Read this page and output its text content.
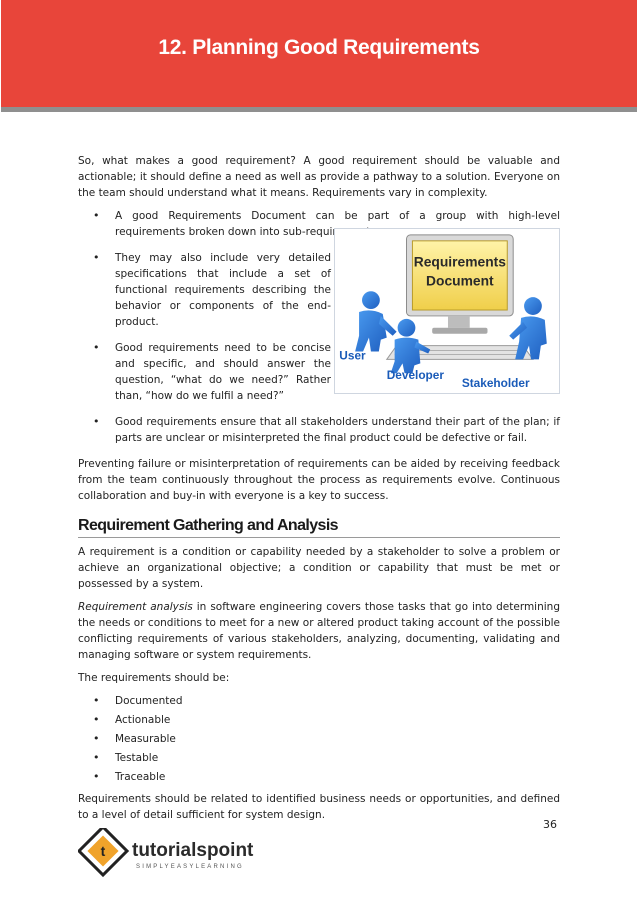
12. Planning Good Requirements

So, what makes a good requirement? A good requirement should be valuable and actionable; it should define a need as well as provide a pathway to a solution. Everyone on the team should understand what it means. Requirements vary in complexity.

• A good Requirements Document can be part of a group with high-level requirements broken down into sub-requirements.
• They may also include very detailed specifications that include a set of functional requirements describing the behavior or components of the end-product.
• Good requirements need to be concise and specific, and should answer the question, “what do we need?” Rather than, “how do we fulfil a need?”
• Good requirements ensure that all stakeholders understand their part of the plan; if parts are unclear or misinterpreted the final product could be defective or fail.
Requirements
Document
User
Developer
Stakeholder

Preventing failure or misinterpretation of requirements can be aided by receiving feedback from the team continuously throughout the process as requirements evolve. Continuous collaboration and buy-in with everyone is a key to success.

Requirement Gathering and Analysis

A requirement is a condition or capability needed by a stakeholder to solve a problem or achieve an organizational objective; a condition or capability that must be met or possessed by a system.

Requirement analysis in software engineering covers those tasks that go into determining the needs or conditions to meet for a new or altered product taking account of the possible conflicting requirements of various stakeholders, analyzing, documenting, validating and managing software or system requirements.

The requirements should be:

• Documented
• Actionable
• Measurable
• Testable
• Traceable

Requirements should be related to identified business needs or opportunities, and defined to a level of detail sufficient for system design.

36
t tutorialspoint
SIMPLYEASYLEARNING
